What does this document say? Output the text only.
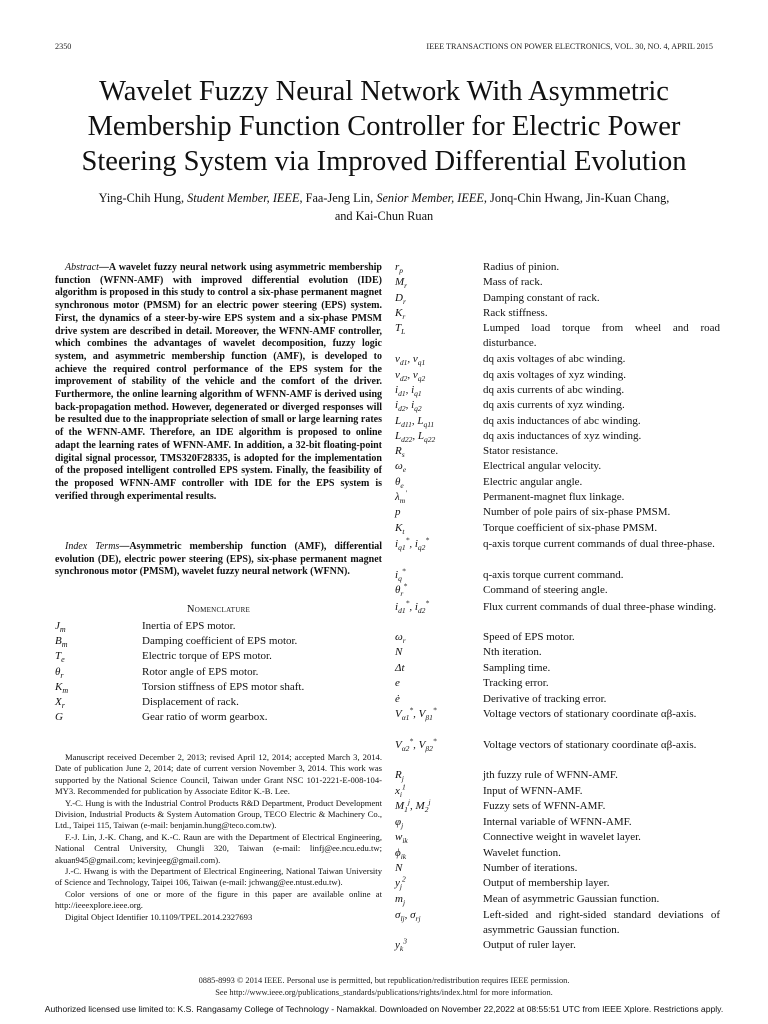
2350	IEEE TRANSACTIONS ON POWER ELECTRONICS, VOL. 30, NO. 4, APRIL 2015
Wavelet Fuzzy Neural Network With Asymmetric
Membership Function Controller for Electric Power
Steering System via Improved Differential Evolution
Ying-Chih Hung, Student Member, IEEE, Faa-Jeng Lin, Senior Member, IEEE, Jonq-Chin Hwang, Jin-Kuan Chang,
and Kai-Chun Ruan
Abstract—A wavelet fuzzy neural network using asymmetric membership function (WFNN-AMF) with improved differential evolution (IDE) algorithm is proposed in this study to control a six-phase permanent magnet synchronous motor (PMSM) for an electric power steering (EPS) system. First, the dynamics of a steer-by-wire EPS system and a six-phase PMSM drive system are described in detail. Moreover, the WFNN-AMF controller, which combines the advantages of wavelet decomposition, fuzzy logic system, and asymmetric membership function (AMF), is developed to achieve the required control performance of the EPS system for the improvement of stability of the vehicle and the comfort of the driver. Furthermore, the online learning algorithm of WFNN-AMF is derived using back-propagation method. However, degenerated or diverged responses will be resulted due to the inappropriate selection of small or large learning rates of the WFNN-AMF. Therefore, an IDE algorithm is proposed to online adapt the learning rates of WFNN-AMF. In addition, a 32-bit floating-point digital signal processor, TMS320F28335, is adopted for the implementation of the proposed intelligent controlled EPS system. Finally, the feasibility of the proposed WFNN-AMF controller with IDE for the EPS system is verified through experimental results.
Index Terms—Asymmetric membership function (AMF), differential evolution (DE), electric power steering (EPS), six-phase permanent magnet synchronous motor (PMSM), wavelet fuzzy neural network (WFNN).
Nomenclature
$J_m$	Inertia of EPS motor.
$B_m$	Damping coefficient of EPS motor.
$T_e$	Electric torque of EPS motor.
$\theta_r$	Rotor angle of EPS motor.
$K_m$	Torsion stiffness of EPS motor shaft.
$X_r$	Displacement of rack.
G	Gear ratio of worm gearbox.

Manuscript received December 2, 2013; revised April 12, 2014; accepted March 3, 2014. Date of publication June 2, 2014; date of current version November 3, 2014. This work was supported by the National Science Council, Taiwan under Grant NSC 101-2221-E-008-104-MY3. Recommended for publication by Associate Editor K.-B. Lee.

Y.-C. Hung is with the Industrial Control Products R&D Department, Product Development Division, Industrial Products & System Automation Group, TECO Electric & Machinery Co., Ltd., Taipei 115, Taiwan (e-mail: benjamin.hung@teco.com.tw).

F.-J. Lin, J.-K. Chang, and K.-C. Raun are with the Department of Electrical Engineering, National Central University, Chungli 320, Taiwan (e-mail: linfj@ee.ncu.edu.tw; akuan945@gmail.com; kevinjeeg@gmail.com).

J.-C. Hwang is with the Department of Electrical Engineering, National Taiwan University of Science and Technology, Taipei 106, Taiwan (e-mail: jchwang@ee.ntust.edu.tw).

Color versions of one or more of the figure in this paper are available online at http://ieeexplore.ieee.org.

Digital Object Identifier 10.1109/TPEL.2014.2327693

$r_p$	Radius of pinion.
$M_r$	Mass of rack.
$D_r$	Damping constant of rack.
$K_r$	Rack stiffness.
$T_L$	Lumped load torque from wheel and road disturbance.
$v_{d1}$, $v_{q1}$	dq axis voltages of abc winding.
$v_{d2}$, $v_{q2}$	dq axis voltages of xyz winding.
$i_{d1}$, $i_{q1}$	dq axis currents of abc winding.
$i_{d2}$, $i_{q2}$	dq axis currents of xyz winding.
$L_{d11}$, $L_{q11}$	dq axis inductances of abc winding.
$L_{d22}$, $L_{q22}$	dq axis inductances of xyz winding.
$R_s$	Stator resistance.
$\omega_e$	Electrical angular velocity.
$\theta_e$	Electric angular angle.
$\lambda_m'$	Permanent-magnet flux linkage.
p	Number of pole pairs of six-phase PMSM.
$K_t$	Torque coefficient of six-phase PMSM.
$i_{q1}^*$, $i_{q2}^*$	q-axis torque current commands of dual three-phase.
$i_q^*$	q-axis torque current command.
$\theta_r^*$	Command of steering angle.
$i_{d1}^*$, $i_{d2}^*$	Flux current commands of dual three-phase winding.
$\omega_r$	Speed of EPS motor.
N	Nth iteration.
Δt	Sampling time.
e	Tracking error.
ė	Derivative of tracking error.
$V_{\alpha 1}^*$, $V_{\beta 1}^*$	Voltage vectors of stationary coordinate αβ-axis.
$V_{\alpha 2}^*$, $V_{\beta 2}^*$	Voltage vectors of stationary coordinate αβ-axis.
$R_j$	jth fuzzy rule of WFNN-AMF.
$x_i^1$	Input of WFNN-AMF.
$M_1^j$, $M_2^j$	Fuzzy sets of WFNN-AMF.
$\varphi_j$	Internal variable of WFNN-AMF.
$w_{ik}$	Connective weight in wavelet layer.
$\phi_{ik}$	Wavelet function.
N	Number of iterations.
$y_j^2$	Output of membership layer.
$m_j$	Mean of asymmetric Gaussian function.
$\sigma_{lj}$, $\sigma_{rj}$	Left-sided and right-sided standard deviations of asymmetric Gaussian function.
$y_k^3$	Output of ruler layer.
0885-8993 © 2014 IEEE. Personal use is permitted, but republication/redistribution requires IEEE permission.
See http://www.ieee.org/publications_standards/publications/rights/index.html for more information.
Authorized licensed use limited to: K.S. Rangasamy College of Technology - Namakkal. Downloaded on November 22,2022 at 08:55:51 UTC from IEEE Xplore. Restrictions apply.
